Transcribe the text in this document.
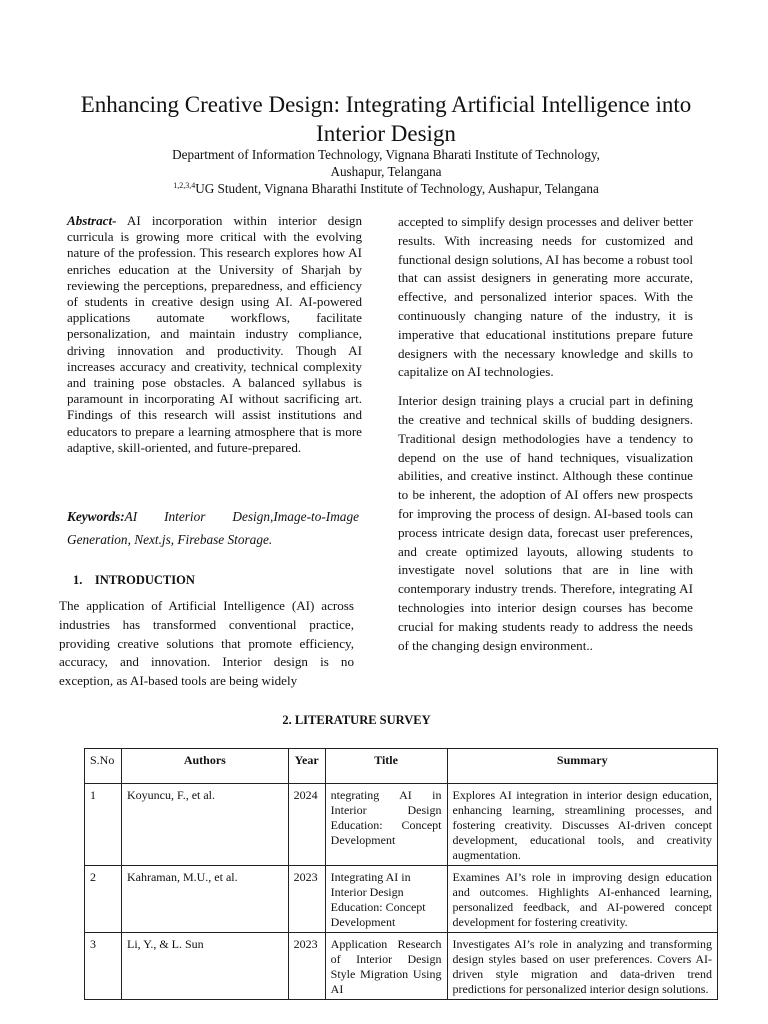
Enhancing Creative Design: Integrating Artificial Intelligence into Interior Design
Department of Information Technology, Vignana Bharati Institute of Technology,
Aushapur, Telangana
$^{1,2,3,4}$UG Student, Vignana Bharathi Institute of Technology, Aushapur, Telangana

Abstract- AI incorporation within interior design curricula is growing more critical with the evolving nature of the profession. This research explores how AI enriches education at the University of Sharjah by reviewing the perceptions, preparedness, and efficiency of students in creative design using AI. AI-powered applications automate workflows, facilitate personalization, and maintain industry compliance, driving innovation and productivity. Though AI increases accuracy and creativity, technical complexity and training pose obstacles. A balanced syllabus is paramount in incorporating AI without sacrificing art. Findings of this research will assist institutions and educators to prepare a learning atmosphere that is more adaptive, skill-oriented, and future-prepared.

Keywords:AI Interior Design,Image-to-Image Generation, Next.js, Firebase Storage.

1.    INTRODUCTION

The application of Artificial Intelligence (AI) across industries has transformed conventional practice, providing creative solutions that promote efficiency, accuracy, and innovation. Interior design is no exception, as AI-based tools are being widely

accepted to simplify design processes and deliver better results. With increasing needs for customized and functional design solutions, AI has become a robust tool that can assist designers in generating more accurate, effective, and personalized interior spaces. With the continuously changing nature of the industry, it is imperative that educational institutions prepare future designers with the necessary knowledge and skills to capitalize on AI technologies.

Interior design training plays a crucial part in defining the creative and technical skills of budding designers. Traditional design methodologies have a tendency to depend on the use of hand techniques, visualization abilities, and creative instinct. Although these continue to be inherent, the adoption of AI offers new prospects for improving the process of design. AI-based tools can process intricate design data, forecast user preferences, and create optimized layouts, allowing students to investigate novel solutions that are in line with contemporary industry trends. Therefore, integrating AI technologies into interior design courses has become crucial for making students ready to address the needs of the changing design environment..

2. LITERATURE SURVEY
S.No	Authors	Year	Title	Summary
1	Koyuncu, F., et al.	2024	ntegrating AI in Interior Design Education: Concept Development	Explores AI integration in interior design education, enhancing learning, streamlining processes, and fostering creativity. Discusses AI-driven concept development, educational tools, and creativity augmentation.
2	Kahraman, M.U., et al.	2023	Integrating AI in Interior Design Education: Concept Development	Examines AI’s role in improving design education and outcomes. Highlights AI-enhanced learning, personalized feedback, and AI-powered concept development for fostering creativity.
3	Li, Y., & L. Sun	2023	Application Research of Interior Design Style Migration Using AI	Investigates AI’s role in analyzing and transforming design styles based on user preferences. Covers AI-driven style migration and data-driven trend predictions for personalized interior design solutions.
